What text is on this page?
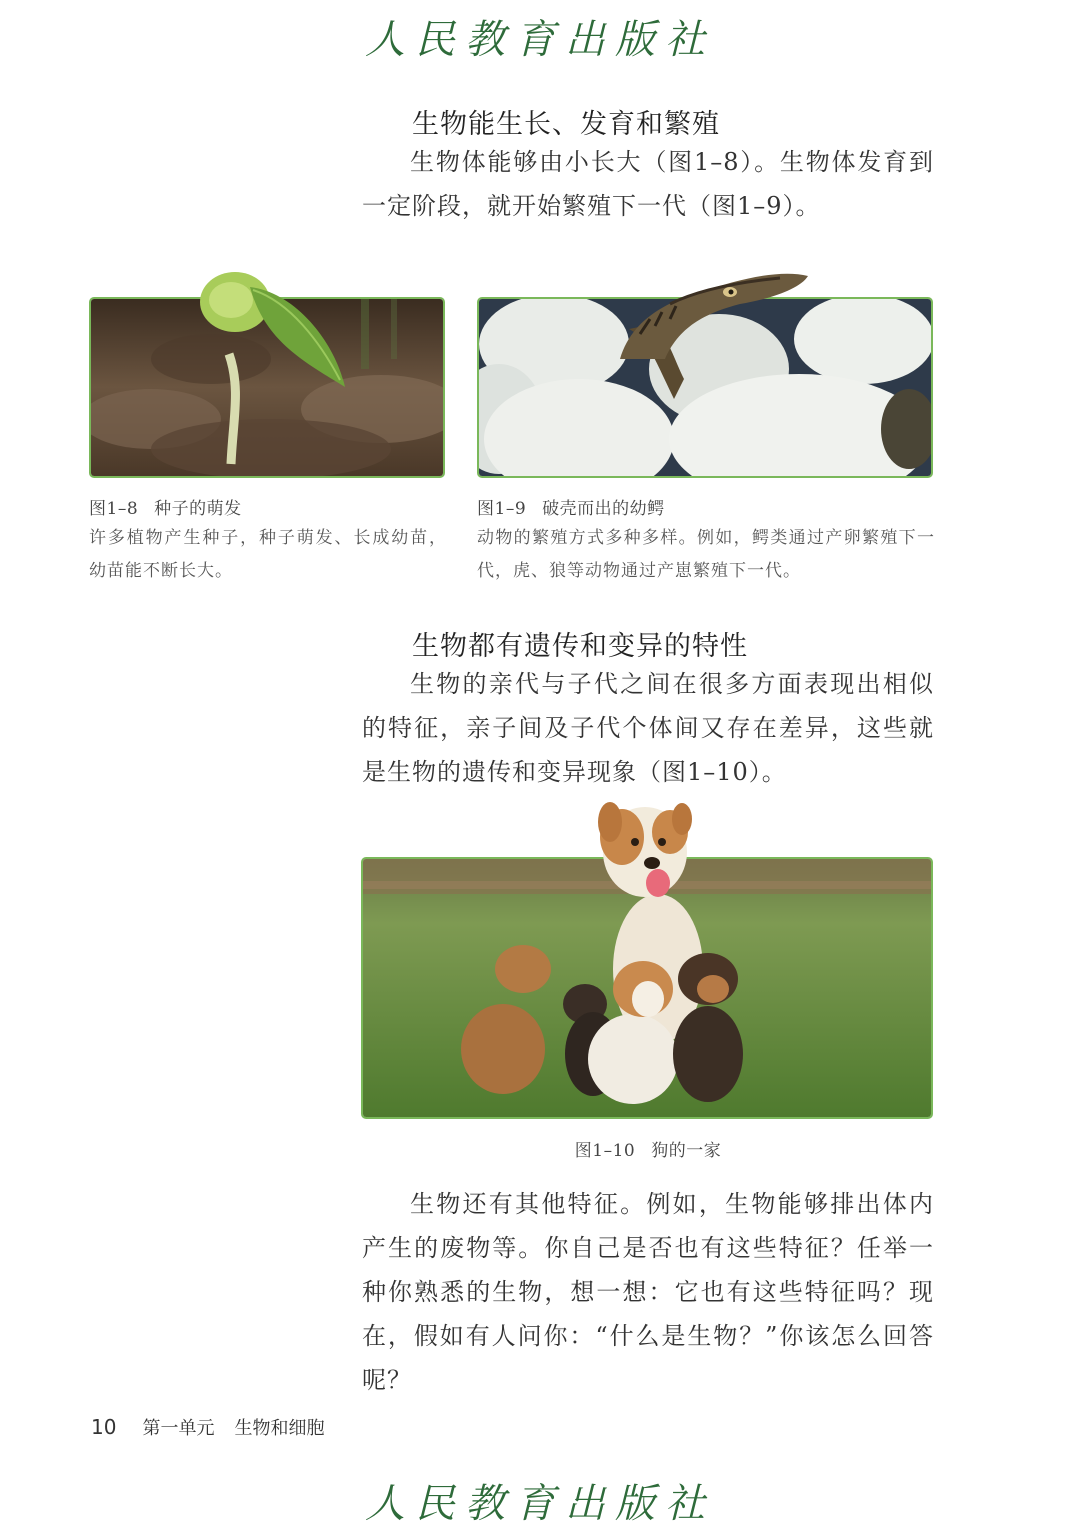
人民教育出版社
生物能生长、发育和繁殖

生物体能够由小长大（图1–8）。生物体发育到一定阶段，就开始繁殖下一代（图1–9）。

图1–8 种子的萌发
许多植物产生种子，种子萌发、长成幼苗，幼苗能不断长大。
图1–9 破壳而出的幼鳄
动物的繁殖方式多种多样。例如，鳄类通过产卵繁殖下一代，虎、狼等动物通过产崽繁殖下一代。
生物都有遗传和变异的特性

生物的亲代与子代之间在很多方面表现出相似的特征，亲子间及子代个体间又存在差异，这些就是生物的遗传和变异现象（图1–10）。

图1–10 狗的一家

生物还有其他特征。例如，生物能够排出体内产生的废物等。你自己是否也有这些特征？任举一种你熟悉的生物，想一想：它也有这些特征吗？现在，假如有人问你：“什么是生物？”你该怎么回答呢？

10 第一单元 生物和细胞
人民教育出版社
